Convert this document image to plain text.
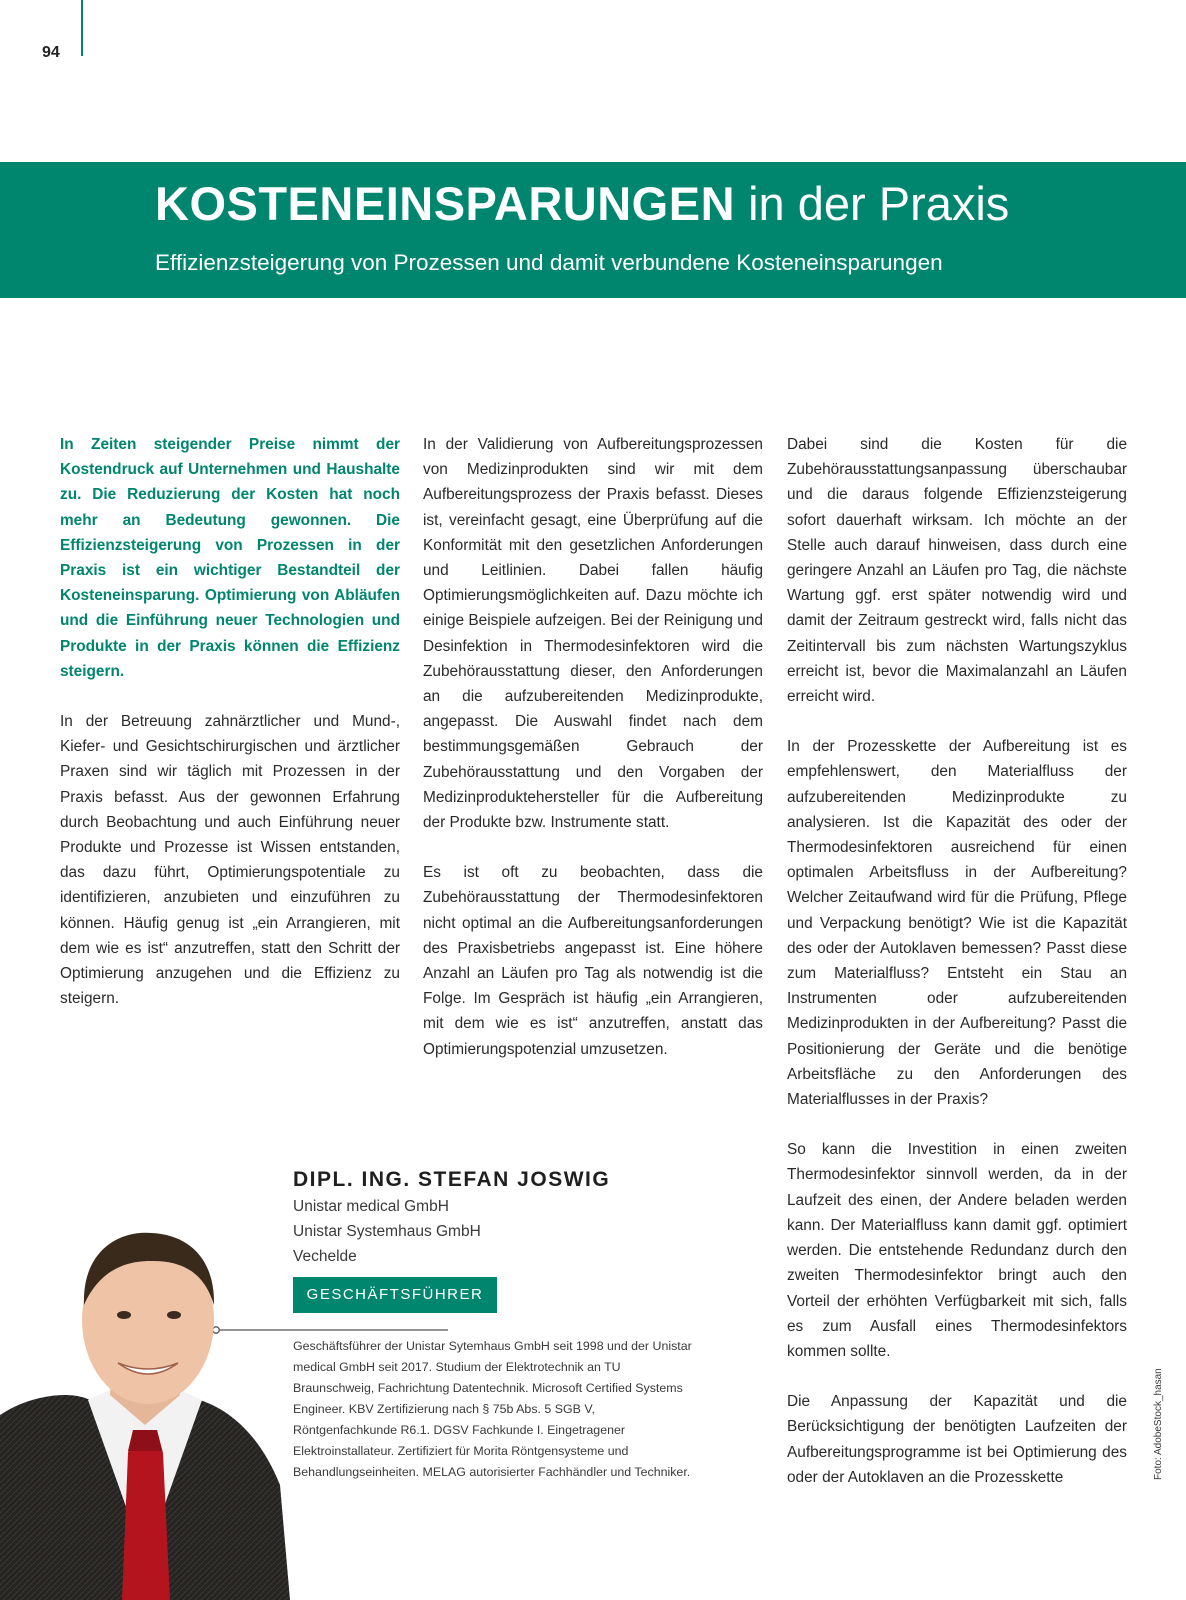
94
KOSTENEINSPARUNGEN in der Praxis
Effizienzsteigerung von Prozessen und damit verbundene Kosteneinsparungen

In Zeiten steigender Preise nimmt der Kostendruck auf Unternehmen und Haushalte zu. Die Reduzierung der Kosten hat noch mehr an Bedeutung gewonnen. Die Effizienzsteigerung von Prozessen in der Praxis ist ein wichtiger Bestandteil der Kosteneinsparung. Optimierung von Abläufen und die Einführung neuer Technologien und Produkte in der Praxis können die Effizienz steigern.

In der Betreuung zahnärztlicher und Mund-, Kiefer- und Gesichtschirurgischen und ärztlicher Praxen sind wir täglich mit Prozessen in der Praxis befasst. Aus der gewonnen Erfahrung durch Beobachtung und auch Einführung neuer Produkte und Prozesse ist Wissen entstanden, das dazu führt, Optimierungspotentiale zu identifizieren, anzubieten und einzuführen zu können. Häufig genug ist „ein Arrangieren, mit dem wie es ist“ anzutreffen, statt den Schritt der Optimierung anzugehen und die Effizienz zu steigern.

In der Validierung von Aufbereitungsprozessen von Medizinprodukten sind wir mit dem Aufbereitungsprozess der Praxis befasst. Dieses ist, vereinfacht gesagt, eine Überprüfung auf die Konformität mit den gesetzlichen Anforderungen und Leitlinien. Dabei fallen häufig Optimierungsmöglichkeiten auf. Dazu möchte ich einige Beispiele aufzeigen. Bei der Reinigung und Desinfektion in Thermodesinfektoren wird die Zubehörausstattung dieser, den Anforderungen an die aufzubereitenden Medizinprodukte, angepasst. Die Auswahl findet nach dem bestimmungsgemäßen Gebrauch der Zubehörausstattung und den Vorgaben der Medizinproduktehersteller für die Aufbereitung der Produkte bzw. Instrumente statt.

Es ist oft zu beobachten, dass die Zubehörausstattung der Thermodesinfektoren nicht optimal an die Aufbereitungsanforderungen des Praxisbetriebs angepasst ist. Eine höhere Anzahl an Läufen pro Tag als notwendig ist die Folge. Im Gespräch ist häufig „ein Arrangieren, mit dem wie es ist“ anzutreffen, anstatt das Optimierungspotenzial umzusetzen.

Dabei sind die Kosten für die Zubehörausstattungsanpassung überschaubar und die daraus folgende Effizienzsteigerung sofort dauerhaft wirksam. Ich möchte an der Stelle auch darauf hinweisen, dass durch eine geringere Anzahl an Läufen pro Tag, die nächste Wartung ggf. erst später notwendig wird und damit der Zeitraum gestreckt wird, falls nicht das Zeitintervall bis zum nächsten Wartungszyklus erreicht ist, bevor die Maximalanzahl an Läufen erreicht wird.

In der Prozesskette der Aufbereitung ist es empfehlenswert, den Materialfluss der aufzubereitenden Medizinprodukte zu analysieren. Ist die Kapazität des oder der Thermodesinfektoren ausreichend für einen optimalen Arbeitsfluss in der Aufbereitung? Welcher Zeitaufwand wird für die Prüfung, Pflege und Verpackung benötigt? Wie ist die Kapazität des oder der Autoklaven bemessen? Passt diese zum Materialfluss? Entsteht ein Stau an Instrumenten oder aufzubereitenden Medizinprodukten in der Aufbereitung? Passt die Positionierung der Geräte und die benötige Arbeitsfläche zu den Anforderungen des Materialflusses in der Praxis?

So kann die Investition in einen zweiten Thermodesinfektor sinnvoll werden, da in der Laufzeit des einen, der Andere beladen werden kann. Der Materialfluss kann damit ggf. optimiert werden. Die entstehende Redundanz durch den zweiten Thermodesinfektor bringt auch den Vorteil der erhöhten Verfügbarkeit mit sich, falls es zum Ausfall eines Thermodesinfektors kommen sollte.

Die Anpassung der Kapazität und die Berücksichtigung der benötigten Laufzeiten der Aufbereitungsprogramme ist bei Optimierung des oder der Autoklaven an die Prozesskette

DIPL. ING. STEFAN JOSWIG
Unistar medical GmbH
Unistar Systemhaus GmbH
Vechelde
GESCHÄFTSFÜHRER
Geschäftsführer der Unistar Sytemhaus GmbH seit 1998 und der Unistar medical GmbH seit 2017. Studium der Elektrotechnik an TU Braunschweig, Fachrichtung Datentechnik. Microsoft Certified Systems Engineer. KBV Zertifizierung nach § 75b Abs. 5 SGB V, Röntgenfachkunde R6.1. DGSV Fachkunde I. Eingetragener Elektroinstallateur. Zertifiziert für Morita Röntgensysteme und Behandlungseinheiten. MELAG autorisierter Fachhändler und Techniker.	Foto: AdobeStock_hasan
